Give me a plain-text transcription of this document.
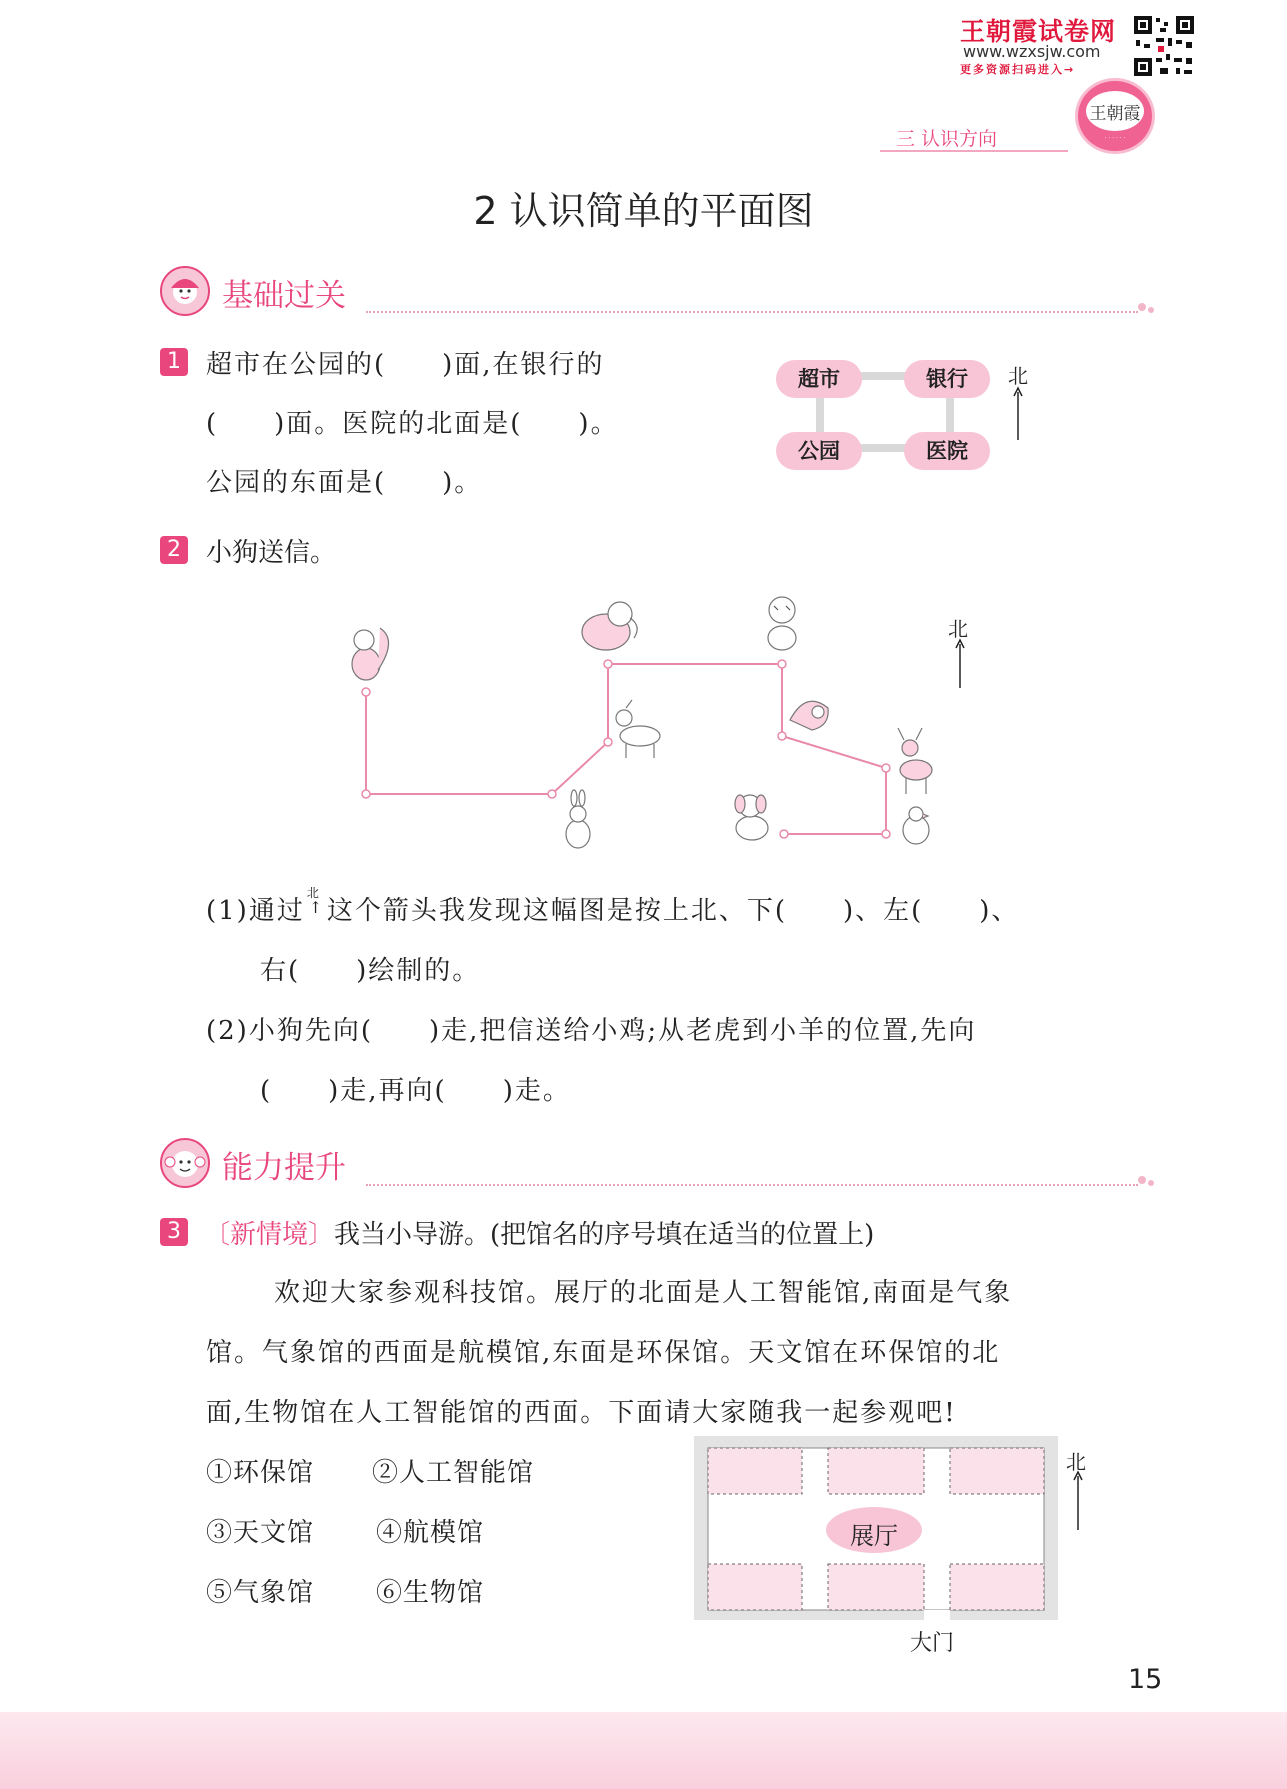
王朝霞试卷网
www.wzxsjw.com
更多资源扫码进入→
王朝霞
· · · · · ·
三 认识方向
2 认识简单的平面图
基础过关
1 超市在公园的(　　)面,在银行的
(　　)面。医院的北面是(　　)。
公园的东面是(　　)。
超市	银行
公园	医院
北
2 小狗送信。
北
(1)通过
北
↑ 这个箭头我发现这幅图是按上北、下(　　)、左(　　)、
右(　　)绘制的。
(2)小狗先向(　　)走,把信送给小鸡;从老虎到小羊的位置,先向
(　　)走,再向(　　)走。
能力提升
3 〔新情境〕我当小导游。(把馆名的序号填在适当的位置上)
欢迎大家参观科技馆。展厅的北面是人工智能馆,南面是气象
馆。气象馆的西面是航模馆,东面是环保馆。天文馆在环保馆的北
面,生物馆在人工智能馆的西面。下面请大家随我一起参观吧!
①环保馆 ②人工智能馆
③天文馆 ④航模馆
⑤气象馆 ⑥生物馆
展厅
大门
北
15
